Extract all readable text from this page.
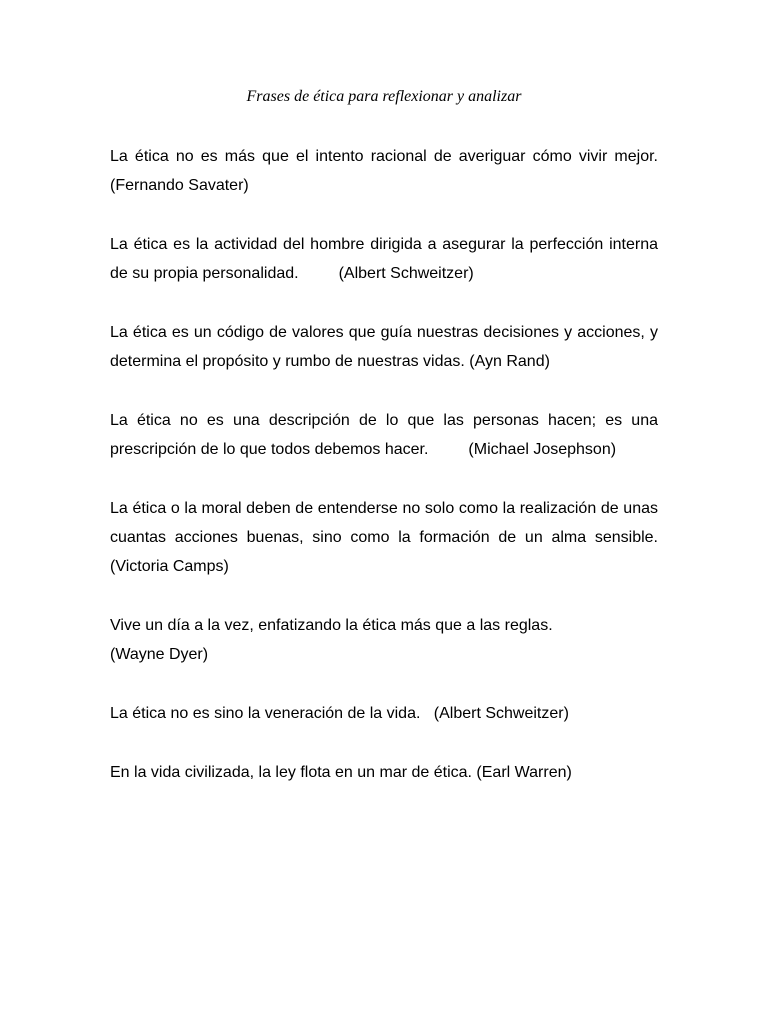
Frases de ética para reflexionar y analizar

La ética no es más que el intento racional de averiguar cómo vivir mejor.   (Fernando Savater)

La ética es la actividad del hombre dirigida a asegurar la perfección interna de su propia personalidad.         (Albert Schweitzer)

La ética es un código de valores que guía nuestras decisiones y acciones, y determina el propósito y rumbo de nuestras vidas. (Ayn Rand)

La ética no es una descripción de lo que las personas hacen; es una prescripción de lo que todos debemos hacer.         (Michael Josephson)

La ética o la moral deben de entenderse no solo como la realización de unas cuantas acciones buenas, sino como la formación de un alma sensible.    (Victoria Camps)

Vive un día a la vez, enfatizando la ética más que a las reglas.
(Wayne Dyer)

La ética no es sino la veneración de la vida.   (Albert Schweitzer)

En la vida civilizada, la ley flota en un mar de ética. (Earl Warren)
